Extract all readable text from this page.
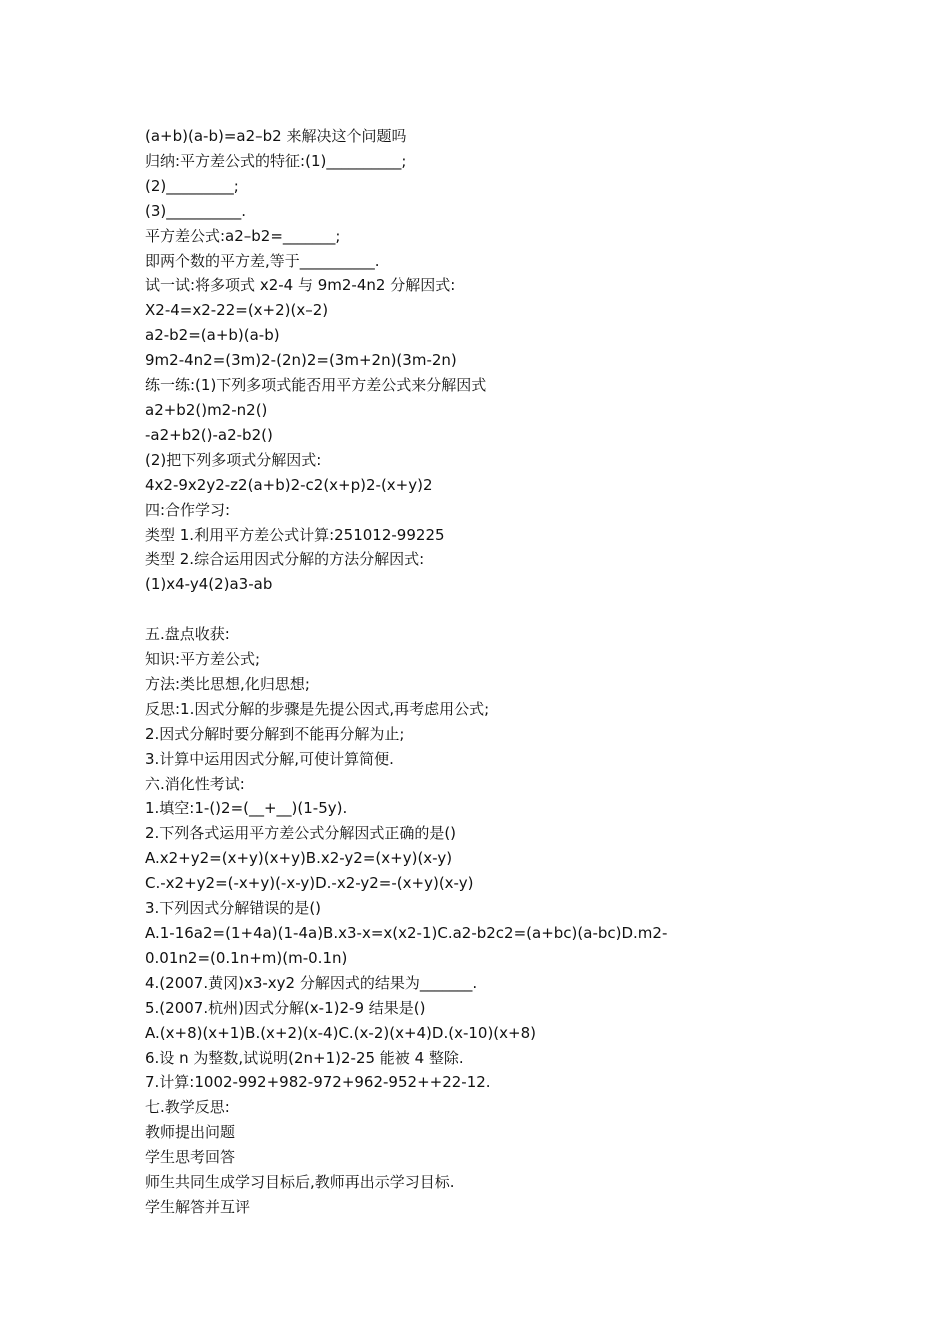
(a+b)(a-b)=a2–b2 来解决这个问题吗

归纳:平方差公式的特征:(1)__________;

(2)_________;

(3)__________.

平方差公式:a2–b2=_______;

即两个数的平方差,等于__________.

试一试:将多项式 x2-4 与 9m2-4n2 分解因式:

X2-4=x2-22=(x+2)(x–2)

a2-b2=(a+b)(a-b)

9m2-4n2=(3m)2-(2n)2=(3m+2n)(3m-2n)

练一练:(1)下列多项式能否用平方差公式来分解因式

a2+b2()m2-n2()

-a2+b2()-a2-b2()

(2)把下列多项式分解因式:

4x2-9x2y2-z2(a+b)2-c2(x+p)2-(x+y)2

四:合作学习:

类型 1.利用平方差公式计算:251012-99225

类型 2.综合运用因式分解的方法分解因式:

(1)x4-y4(2)a3-ab

五.盘点收获:

知识:平方差公式;

方法:类比思想,化归思想;

反思:1.因式分解的步骤是先提公因式,再考虑用公式;

2.因式分解时要分解到不能再分解为止;

3.计算中运用因式分解,可使计算简便.

六.消化性考试:

1.填空:1-()2=(__+__)(1-5y).

2.下列各式运用平方差公式分解因式正确的是()

A.x2+y2=(x+y)(x+y)B.x2-y2=(x+y)(x-y)

C.-x2+y2=(-x+y)(-x-y)D.-x2-y2=-(x+y)(x-y)

3.下列因式分解错误的是()

A.1-16a2=(1+4a)(1-4a)B.x3-x=x(x2-1)C.a2-b2c2=(a+bc)(a-bc)D.m2-

0.01n2=(0.1n+m)(m-0.1n)

4.(2007.黄冈)x3-xy2 分解因式的结果为_______.

5.(2007.杭州)因式分解(x-1)2-9 结果是()

A.(x+8)(x+1)B.(x+2)(x-4)C.(x-2)(x+4)D.(x-10)(x+8)

6.设 n 为整数,试说明(2n+1)2-25 能被 4 整除.

7.计算:1002-992+982-972+962-952++22-12.

七.教学反思:

教师提出问题

学生思考回答

师生共同生成学习目标后,教师再出示学习目标.

学生解答并互评
